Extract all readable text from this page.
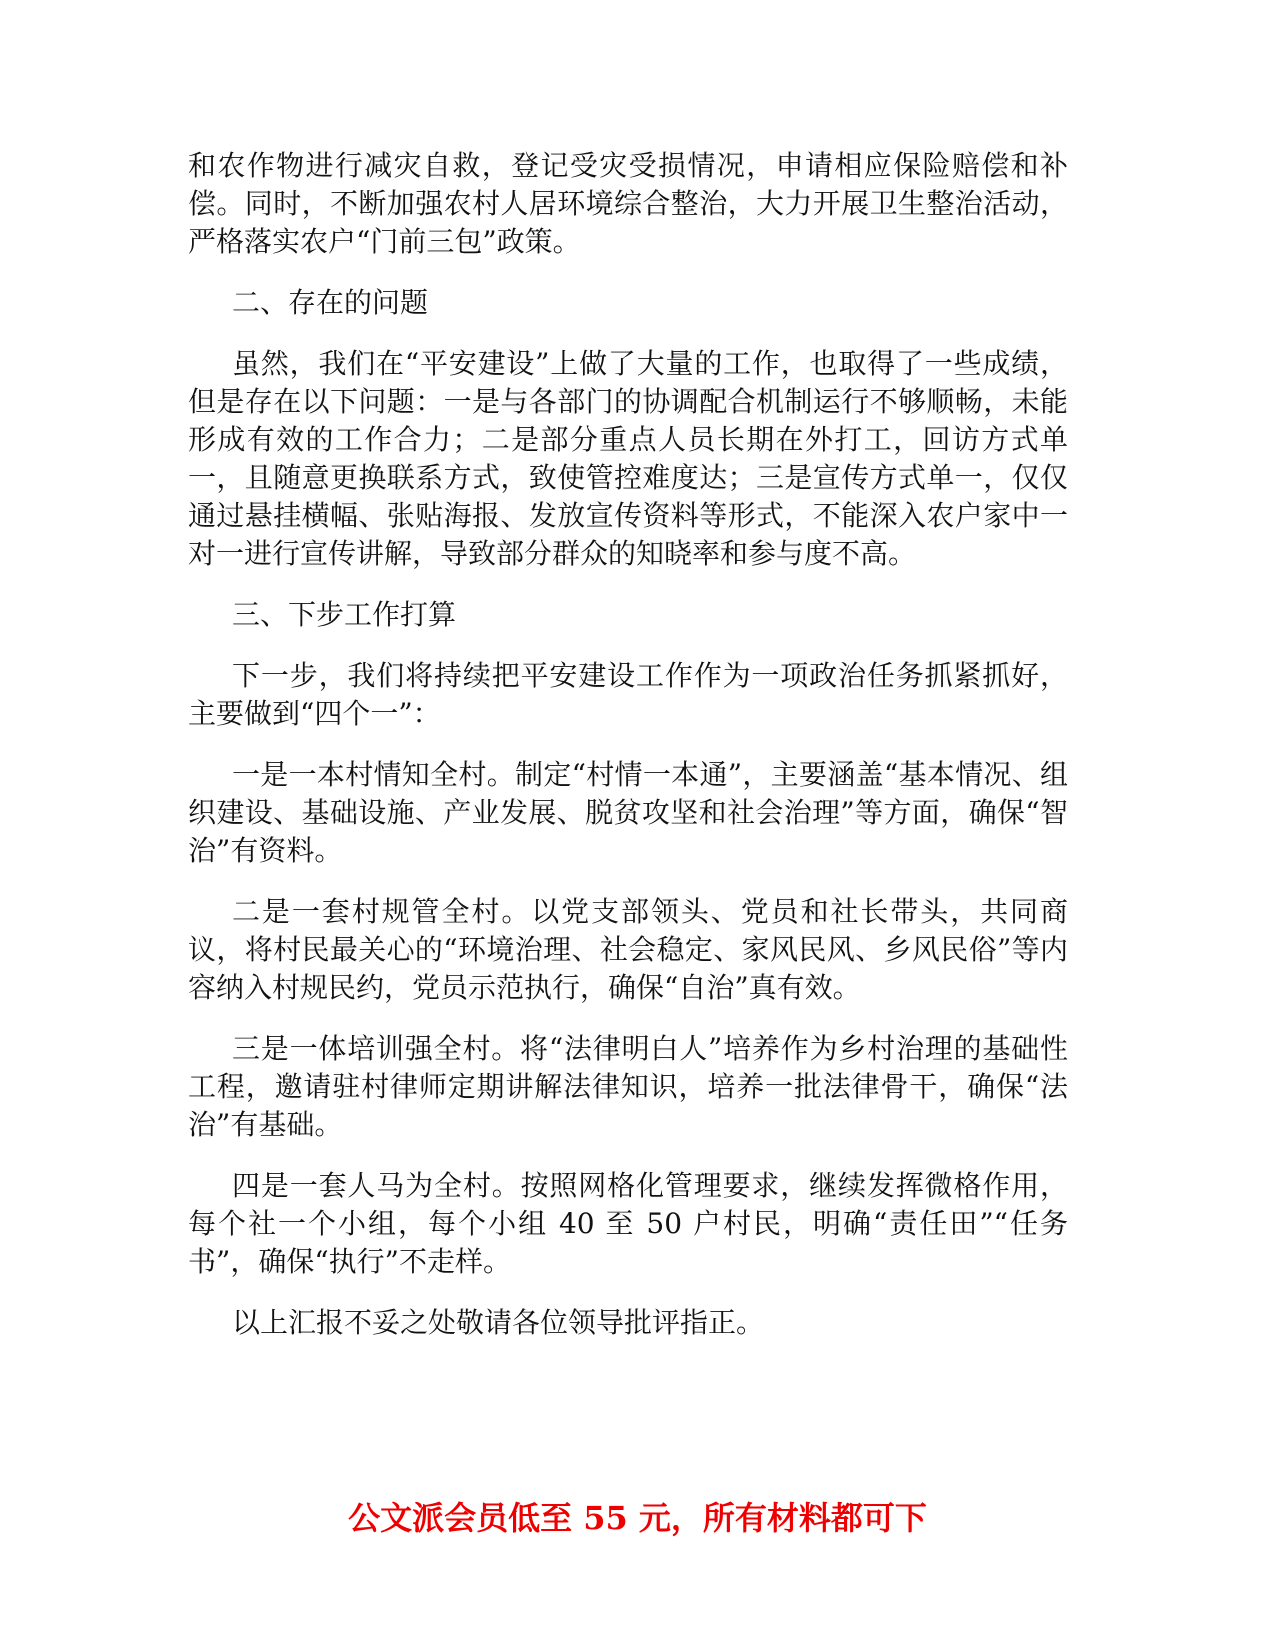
和农作物进行减灾自救，登记受灾受损情况，申请相应保险赔偿和补偿。同时，不断加强农村人居环境综合整治，大力开展卫生整治活动，严格落实农户“门前三包”政策。

二、存在的问题

虽然，我们在“平安建设”上做了大量的工作，也取得了一些成绩，但是存在以下问题：一是与各部门的协调配合机制运行不够顺畅，未能形成有效的工作合力；二是部分重点人员长期在外打工，回访方式单一，且随意更换联系方式，致使管控难度达；三是宣传方式单一，仅仅通过悬挂横幅、张贴海报、发放宣传资料等形式，不能深入农户家中一对一进行宣传讲解，导致部分群众的知晓率和参与度不高。

三、下步工作打算

下一步，我们将持续把平安建设工作作为一项政治任务抓紧抓好，主要做到“四个一”：

一是一本村情知全村。制定“村情一本通”，主要涵盖“基本情况、组织建设、基础设施、产业发展、脱贫攻坚和社会治理”等方面，确保“智治”有资料。

二是一套村规管全村。以党支部领头、党员和社长带头，共同商议，将村民最关心的“环境治理、社会稳定、家风民风、乡风民俗”等内容纳入村规民约，党员示范执行，确保“自治”真有效。

三是一体培训强全村。将“法律明白人”培养作为乡村治理的基础性工程，邀请驻村律师定期讲解法律知识，培养一批法律骨干，确保“法治”有基础。

四是一套人马为全村。按照网格化管理要求，继续发挥微格作用，每个社一个小组，每个小组 40 至 50 户村民，明确“责任田”“任务书”，确保“执行”不走样。

以上汇报不妥之处敬请各位领导批评指正。

公文派会员低至 55 元，所有材料都可下
